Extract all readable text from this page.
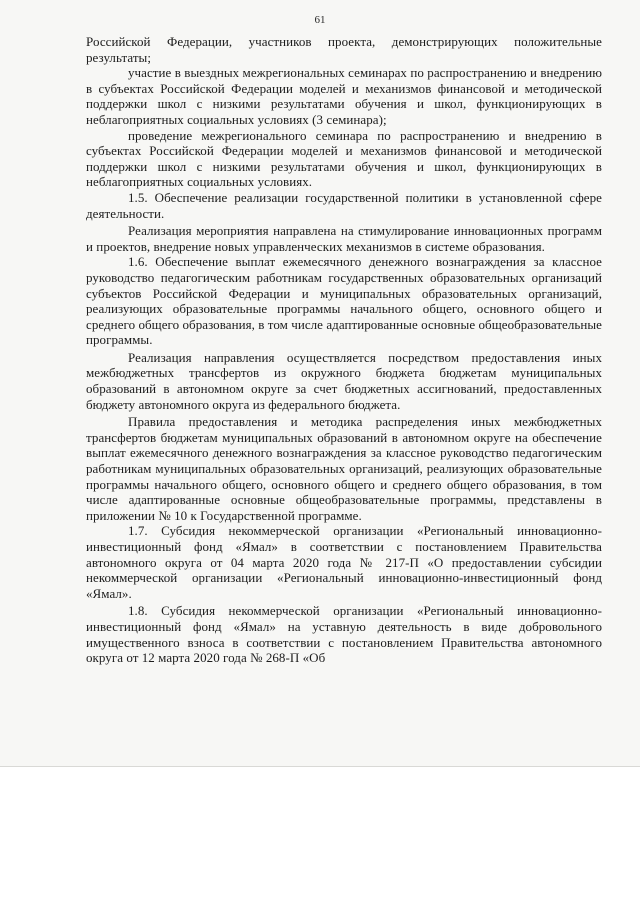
61

Российской Федерации, участников проекта, демонстрирующих положительные результаты;

участие в выездных межрегиональных семинарах по распространению и внедрению в субъектах Российской Федерации моделей и механизмов финансовой и методической поддержки школ с низкими результатами обучения и школ, функционирующих в неблагоприятных социальных условиях (3 семинара);

проведение межрегионального семинара по распространению и внедрению в субъектах Российской Федерации моделей и механизмов финансовой и методической поддержки школ с низкими результатами обучения и школ, функционирующих в неблагоприятных социальных условиях.

1.5. Обеспечение реализации государственной политики в установленной сфере деятельности.

Реализация мероприятия направлена на стимулирование инновационных программ и проектов, внедрение новых управленческих механизмов в системе образования.

1.6. Обеспечение выплат ежемесячного денежного вознаграждения за классное руководство педагогическим работникам государственных образовательных организаций субъектов Российской Федерации и муниципальных образовательных организаций, реализующих образовательные программы начального общего, основного общего и среднего общего образования, в том числе адаптированные основные общеобразовательные программы.

Реализация направления осуществляется посредством предоставления иных межбюджетных трансфертов из окружного бюджета бюджетам муниципальных образований в автономном округе за счет бюджетных ассигнований, предоставленных бюджету автономного округа из федерального бюджета.

Правила предоставления и методика распределения иных межбюджетных трансфертов бюджетам муниципальных образований в автономном округе на обеспечение выплат ежемесячного денежного вознаграждения за классное руководство педагогическим работникам муниципальных образовательных организаций, реализующих образовательные программы начального общего, основного общего и среднего общего образования, в том числе адаптированные основные общеобразовательные программы, представлены в приложении № 10 к Государственной программе.

1.7. Субсидия некоммерческой организации «Региональный инновационно-инвестиционный фонд «Ямал» в соответствии с постановлением Правительства автономного округа от 04 марта 2020 года № 217-П «О предоставлении субсидии некоммерческой организации «Региональный инновационно-инвестиционный фонд «Ямал».

1.8. Субсидия некоммерческой организации «Региональный инновационно-инвестиционный фонд «Ямал» на уставную деятельность в виде добровольного имущественного взноса в соответствии с постановлением Правительства автономного округа от 12 марта 2020 года № 268-П «Об
